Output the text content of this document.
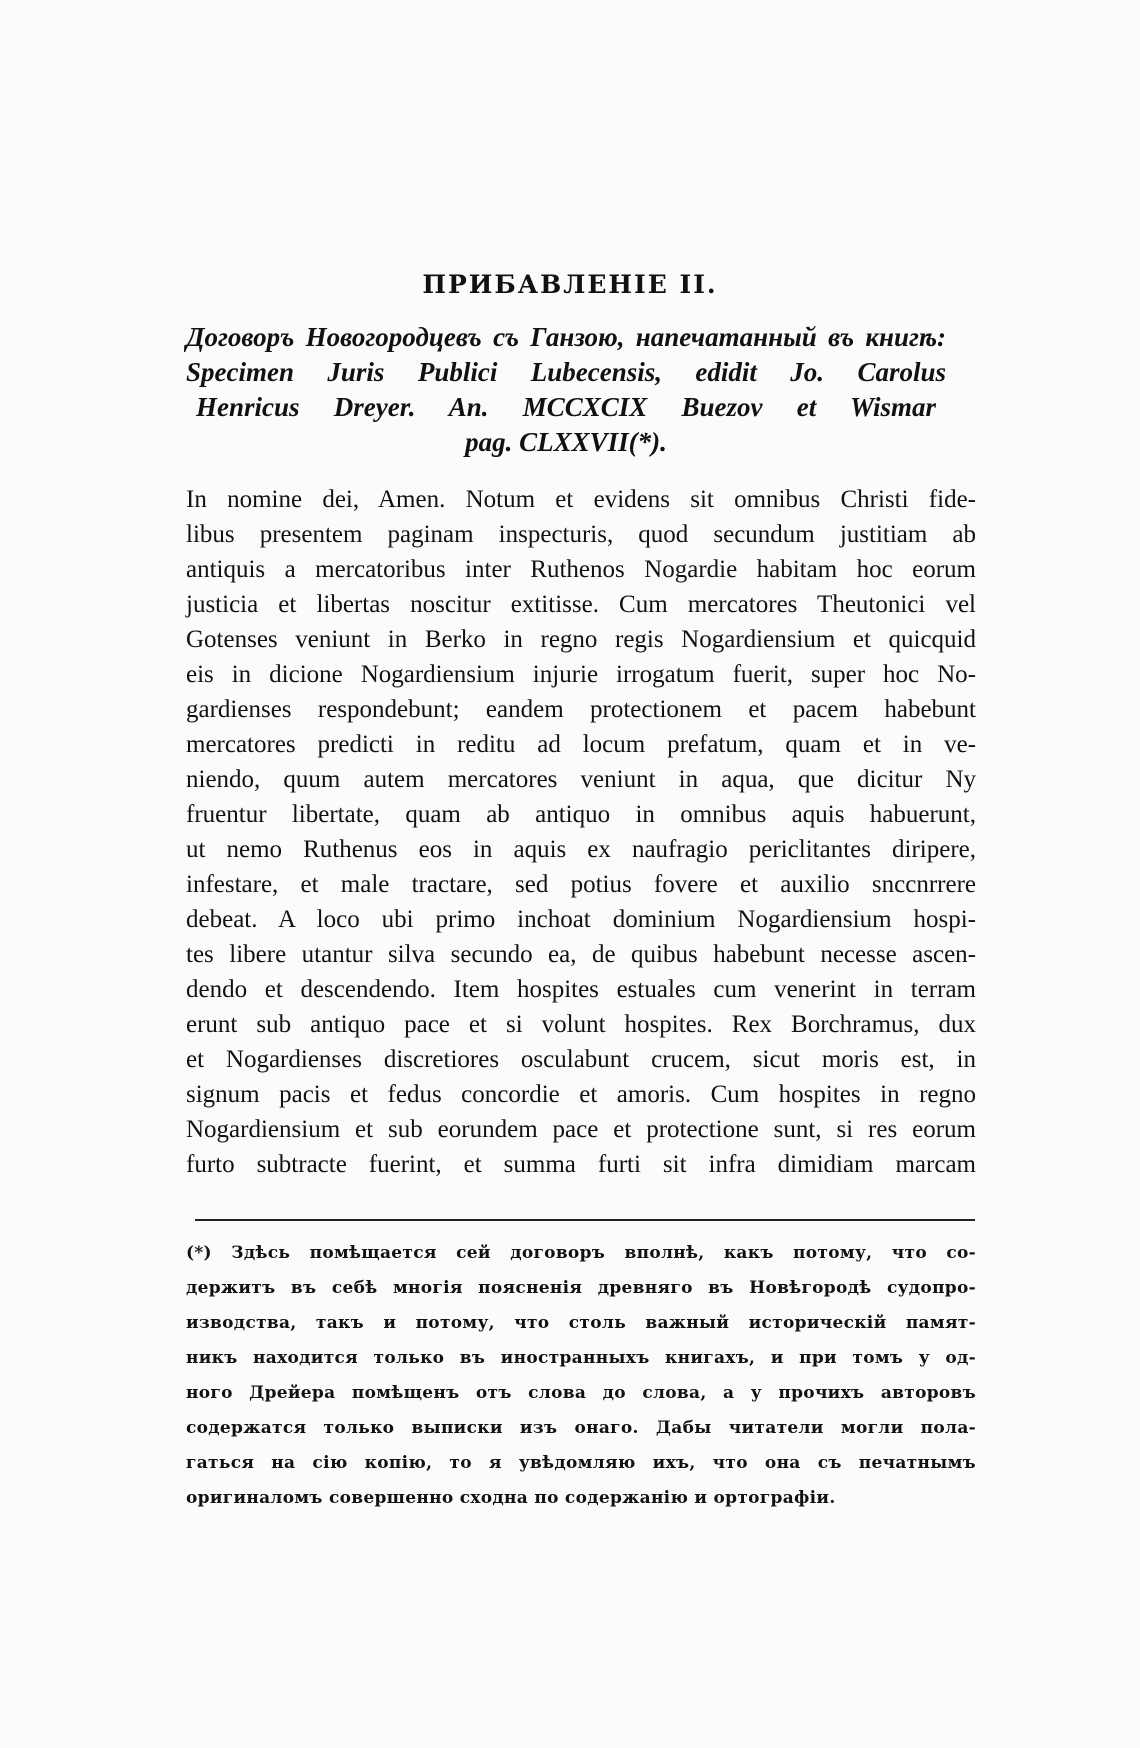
ПРИБАВЛЕНІЕ II.
Договоръ Новогородцевъ съ Ганзою, напечатанный въ книгѣ:
Specimen Juris Publici Lubecensis, edidit Jo. Carolus
Henricus Dreyer. An. MCCXCIX Buezov et Wismar
pag. CLXXVII(*).
In nomine dei, Amen. Notum et evidens sit omnibus Christi fide-
libus presentem paginam inspecturis, quod secundum justitiam ab
antiquis a mercatoribus inter Ruthenos Nogardie habitam hoc eorum
justicia et libertas noscitur extitisse. Cum mercatores Theutonici vel
Gotenses veniunt in Berko in regno regis Nogardiensium et quicquid
eis in dicione Nogardiensium injurie irrogatum fuerit, super hoc No-
gardienses respondebunt; eandem protectionem et pacem habebunt
mercatores predicti in reditu ad locum prefatum, quam et in ve-
niendo, quum autem mercatores veniunt in aqua, que dicitur Ny
fruentur libertate, quam ab antiquo in omnibus aquis habuerunt,
ut nemo Ruthenus eos in aquis ex naufragio periclitantes diripere,
infestare, et male tractare, sed potius fovere et auxilio snccnrrere
debeat. A loco ubi primo inchoat dominium Nogardiensium hospi-
tes libere utantur silva secundo ea, de quibus habebunt necesse ascen-
dendo et descendendo. Item hospites estuales cum venerint in terram
erunt sub antiquo pace et si volunt hospites. Rex Borchramus, dux
et Nogardienses discretiores osculabunt crucem, sicut moris est, in
signum pacis et fedus concordie et amoris. Cum hospites in regno
Nogardiensium et sub eorundem pace et protectione sunt, si res eorum
furto subtracte fuerint, et summa furti sit infra dimidiam marcam
(*) Здѣсь помѣщается сей договоръ вполнѣ, какъ потому, что со-
держитъ въ себѣ многія поясненія древняго въ Новѣгородѣ судопро-
изводства, такъ и потому, что столь важный историческій памят-
никъ находится только въ иностранныхъ книгахъ, и при томъ у од-
ного Дрейера помѣщенъ отъ слова до слова, а у прочихъ авторовъ
содержатся только выписки изъ онаго. Дабы читатели могли пола-
гаться на сію копію, то я увѣдомляю ихъ, что она съ печатнымъ
оригиналомъ совершенно сходна по содержанію и ортографіи.
